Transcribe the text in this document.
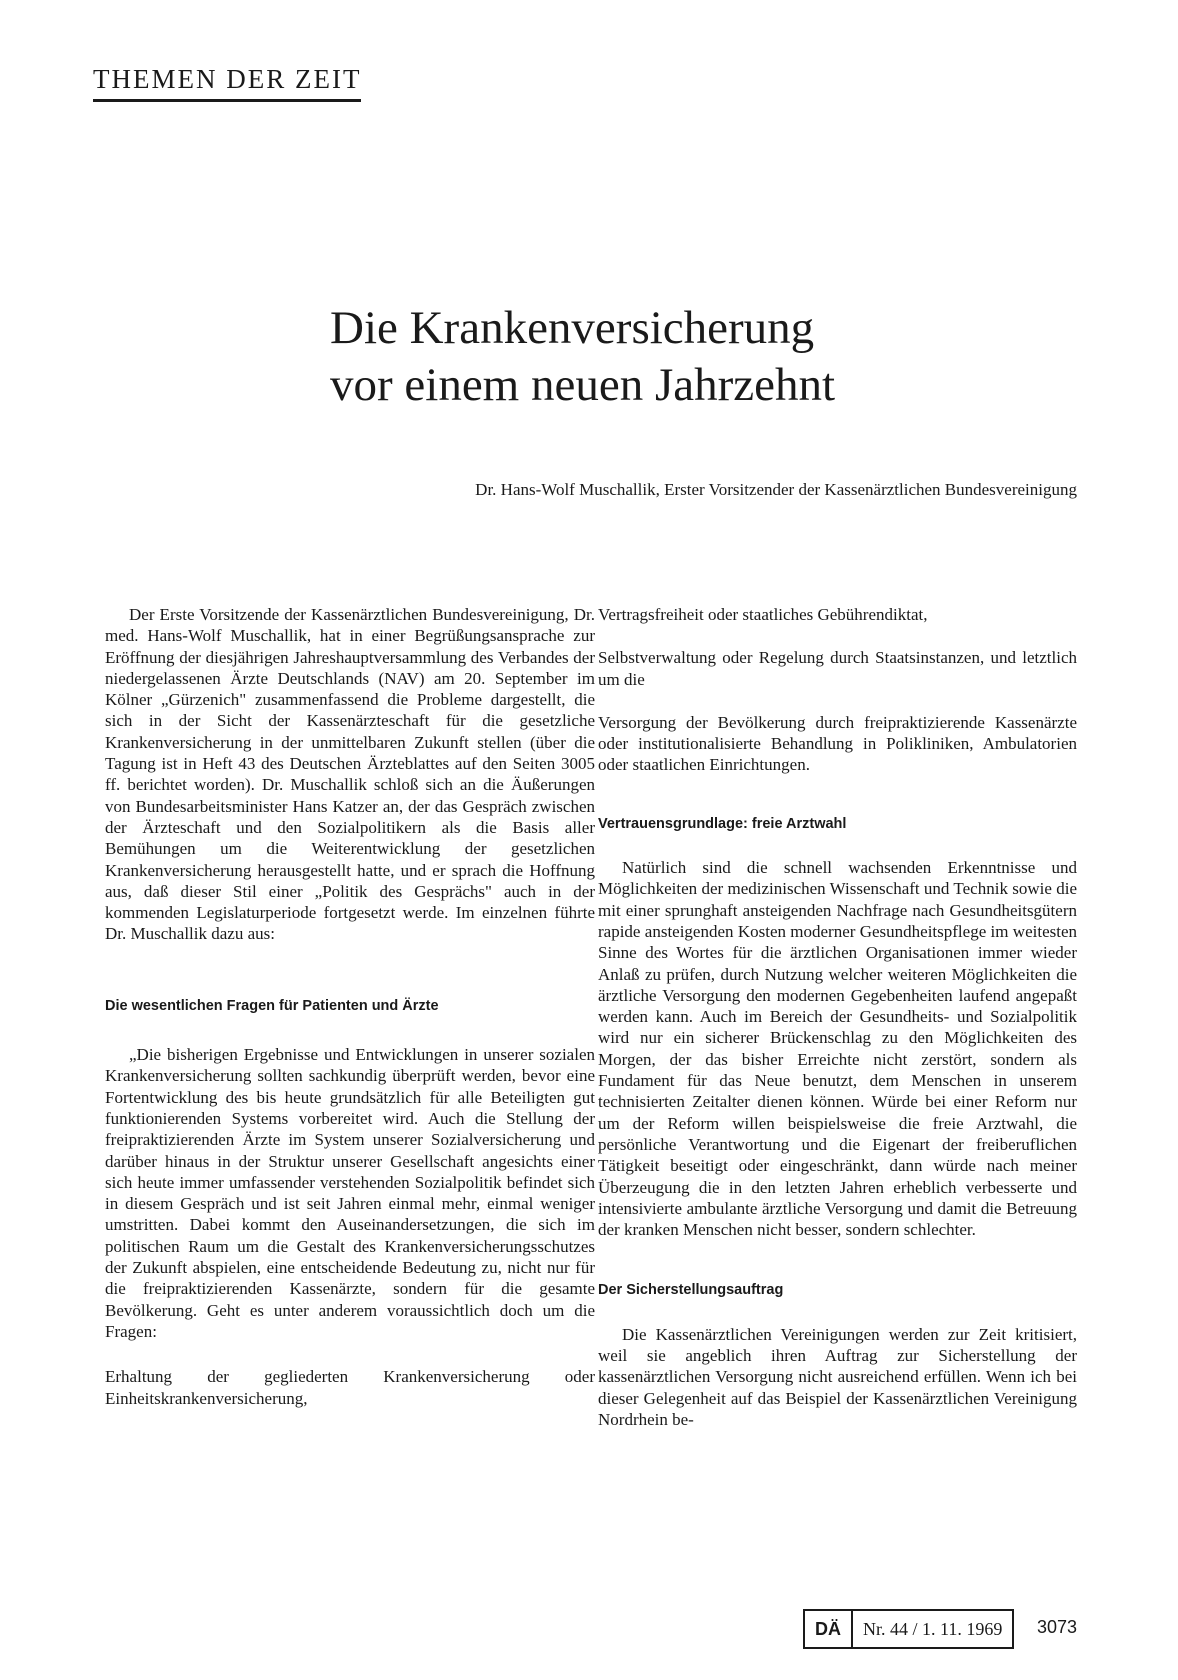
THEMEN DER ZEIT
Die Krankenversicherung
vor einem neuen Jahrzehnt
Dr. Hans-Wolf Muschallik, Erster Vorsitzender der Kassenärztlichen Bundesvereinigung

Der Erste Vorsitzende der Kassenärztlichen Bundesvereinigung, Dr. med. Hans-Wolf Muschallik, hat in einer Begrüßungsansprache zur Eröffnung der diesjährigen Jahreshauptversammlung des Verbandes der niedergelassenen Ärzte Deutschlands (NAV) am 20. September im Kölner „Gürzenich" zusammenfassend die Probleme dargestellt, die sich in der Sicht der Kassenärzteschaft für die gesetzliche Krankenversicherung in der unmittelbaren Zukunft stellen (über die Tagung ist in Heft 43 des Deutschen Ärzteblattes auf den Seiten 3005 ff. berichtet worden). Dr. Muschallik schloß sich an die Äußerungen von Bundesarbeitsminister Hans Katzer an, der das Gespräch zwischen der Ärzteschaft und den Sozialpolitikern als die Basis aller Bemühungen um die Weiterentwicklung der gesetzlichen Krankenversicherung herausgestellt hatte, und er sprach die Hoffnung aus, daß dieser Stil einer „Politik des Gesprächs" auch in der kommenden Legislaturperiode fortgesetzt werde. Im einzelnen führte Dr. Muschallik dazu aus:

Die wesentlichen Fragen für Patienten und Ärzte

„Die bisherigen Ergebnisse und Entwicklungen in unserer sozialen Krankenversicherung sollten sachkundig überprüft werden, bevor eine Fortentwicklung des bis heute grundsätzlich für alle Beteiligten gut funktionierenden Systems vorbereitet wird. Auch die Stellung der freipraktizierenden Ärzte im System unserer Sozialversicherung und darüber hinaus in der Struktur unserer Gesellschaft angesichts einer sich heute immer umfassender verstehenden Sozialpolitik befindet sich in diesem Gespräch und ist seit Jahren einmal mehr, einmal weniger umstritten. Dabei kommt den Auseinandersetzungen, die sich im politischen Raum um die Gestalt des Krankenversicherungsschutzes der Zukunft abspielen, eine entscheidende Bedeutung zu, nicht nur für die freipraktizierenden Kassenärzte, sondern für die gesamte Bevölkerung. Geht es unter anderem voraussichtlich doch um die Fragen:

Erhaltung der gegliederten Krankenversicherung oder Einheitskrankenversicherung,

Vertragsfreiheit oder staatliches Gebührendiktat,

Selbstverwaltung oder Regelung durch Staatsinstanzen, und letztlich um die

Versorgung der Bevölkerung durch freipraktizierende Kassenärzte oder institutionalisierte Behandlung in Polikliniken, Ambulatorien oder staatlichen Einrichtungen.

Vertrauensgrundlage: freie Arztwahl

Natürlich sind die schnell wachsenden Erkenntnisse und Möglichkeiten der medizinischen Wissenschaft und Technik sowie die mit einer sprunghaft ansteigenden Nachfrage nach Gesundheitsgütern rapide ansteigenden Kosten moderner Gesundheitspflege im weitesten Sinne des Wortes für die ärztlichen Organisationen immer wieder Anlaß zu prüfen, durch Nutzung welcher weiteren Möglichkeiten die ärztliche Versorgung den modernen Gegebenheiten laufend angepaßt werden kann. Auch im Bereich der Gesundheits- und Sozialpolitik wird nur ein sicherer Brückenschlag zu den Möglichkeiten des Morgen, der das bisher Erreichte nicht zerstört, sondern als Fundament für das Neue benutzt, dem Menschen in unserem technisierten Zeitalter dienen können. Würde bei einer Reform nur um der Reform willen beispielsweise die freie Arztwahl, die persönliche Verantwortung und die Eigenart der freiberuflichen Tätigkeit beseitigt oder eingeschränkt, dann würde nach meiner Überzeugung die in den letzten Jahren erheblich verbesserte und intensivierte ambulante ärztliche Versorgung und damit die Betreuung der kranken Menschen nicht besser, sondern schlechter.

Der Sicherstellungsauftrag

Die Kassenärztlichen Vereinigungen werden zur Zeit kritisiert, weil sie angeblich ihren Auftrag zur Sicherstellung der kassenärztlichen Versorgung nicht ausreichend erfüllen. Wenn ich bei dieser Gelegenheit auf das Beispiel der Kassenärztlichen Vereinigung Nordrhein be-

DÄ	Nr. 44 / 1. 11. 1969	3073
